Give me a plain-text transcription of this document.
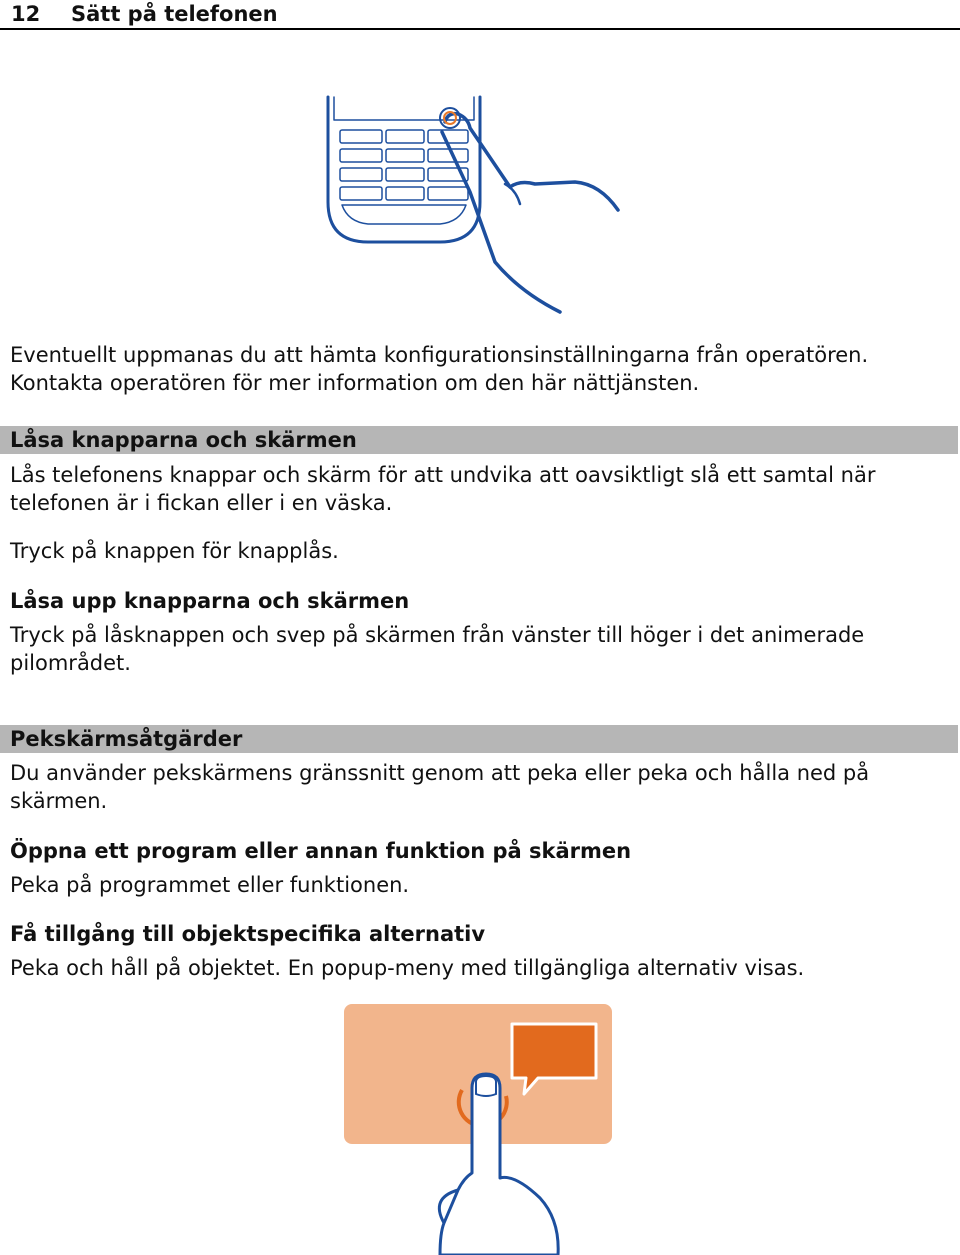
12 Sätt på telefonen

Eventuellt uppmanas du att hämta konfigurationsinställningarna från operatören.

Kontakta operatören för mer information om den här nättjänsten.

Låsa knapparna och skärmen

Lås telefonens knappar och skärm för att undvika att oavsiktligt slå ett samtal när

telefonen är i fickan eller i en väska.

Tryck på knappen för knapplås.

Låsa upp knapparna och skärmen

Tryck på låsknappen och svep på skärmen från vänster till höger i det animerade

pilområdet.

Pekskärmsåtgärder

Du använder pekskärmens gränssnitt genom att peka eller peka och hålla ned på

skärmen.

Öppna ett program eller annan funktion på skärmen

Peka på programmet eller funktionen.

Få tillgång till objektspecifika alternativ

Peka och håll på objektet. En popup-meny med tillgängliga alternativ visas.
